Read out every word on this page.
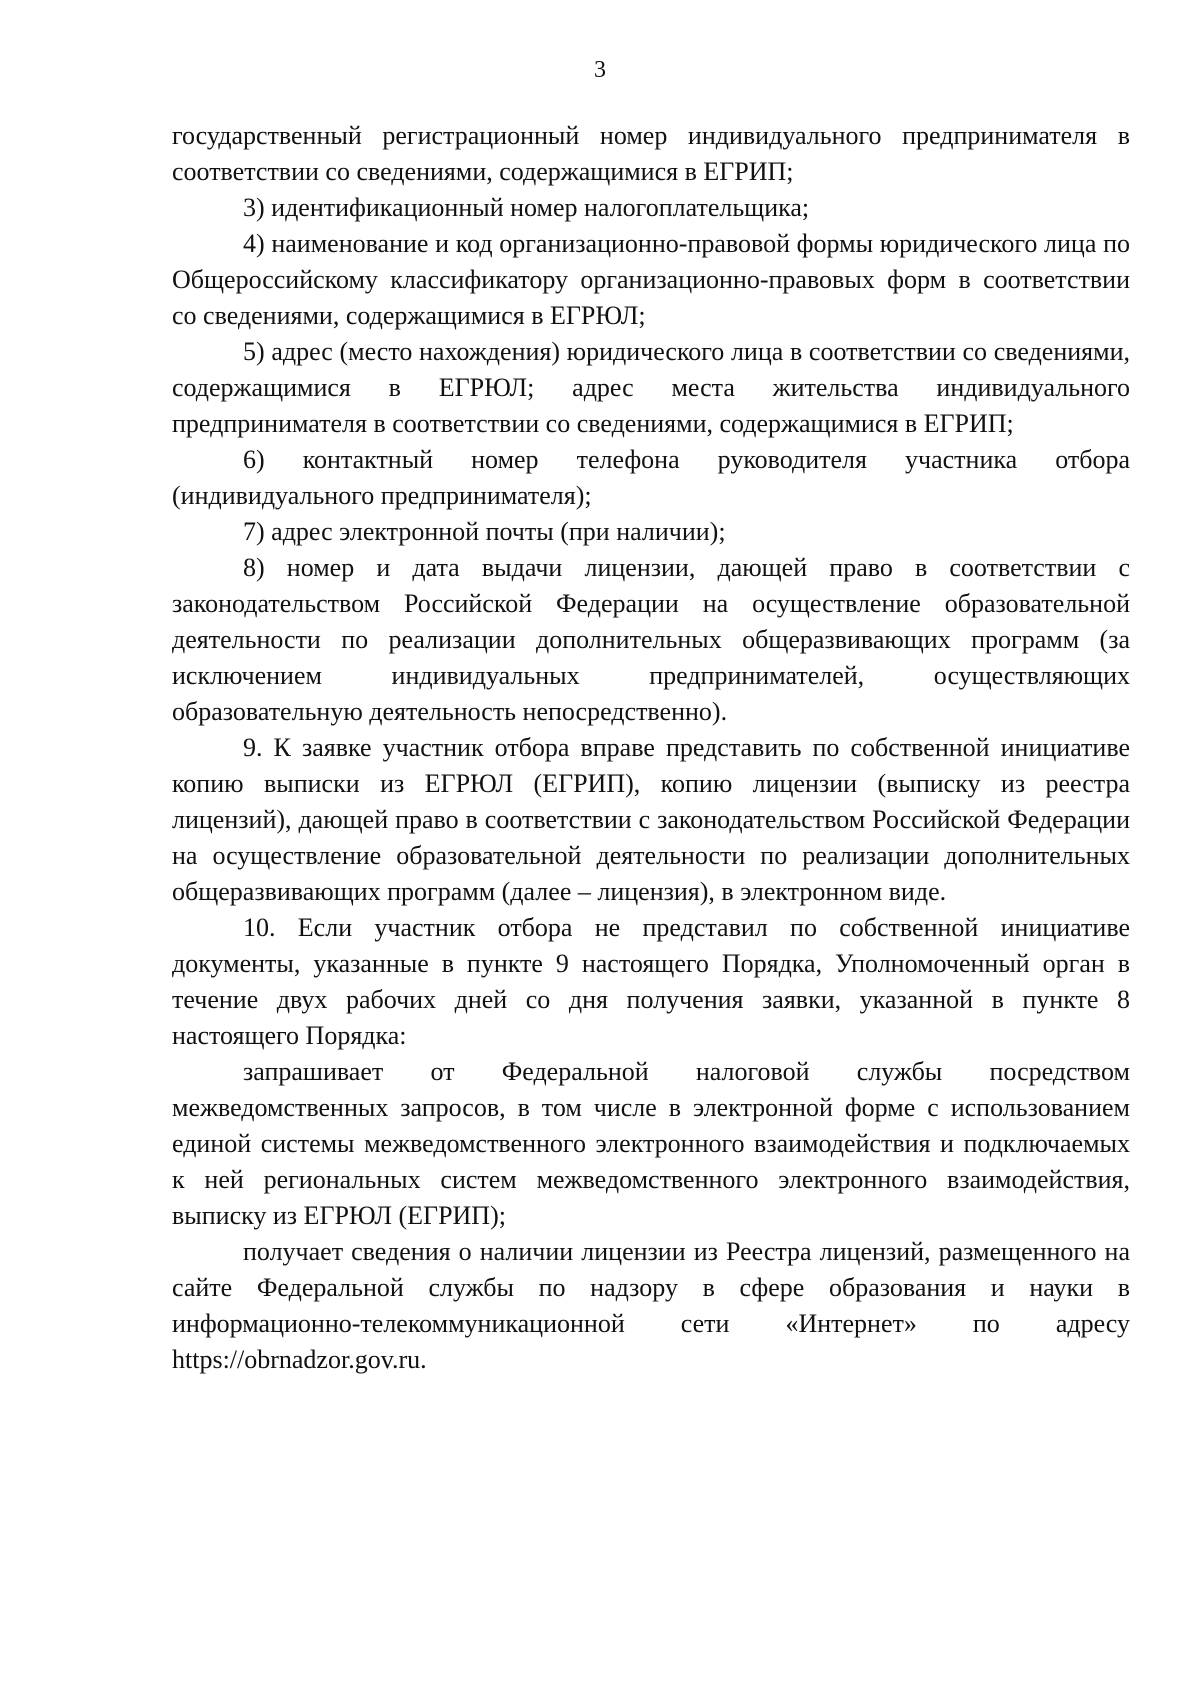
3

государственный регистрационный номер индивидуального предпринимателя в соответствии со сведениями, содержащимися в ЕГРИП;

3) идентификационный номер налогоплательщика;

4) наименование и код организационно-правовой формы юридического лица по Общероссийскому классификатору организационно-правовых форм в соответствии со сведениями, содержащимися в ЕГРЮЛ;

5) адрес (место нахождения) юридического лица в соответствии со сведениями, содержащимися в ЕГРЮЛ; адрес места жительства индивидуального предпринимателя в соответствии со сведениями, содержащимися в ЕГРИП;

6) контактный номер телефона руководителя участника отбора (индивидуального предпринимателя);

7) адрес электронной почты (при наличии);

8) номер и дата выдачи лицензии, дающей право в соответствии с законодательством Российской Федерации на осуществление образовательной деятельности по реализации дополнительных общеразвивающих программ (за исключением индивидуальных предпринимателей, осуществляющих образовательную деятельность непосредственно).

9. К заявке участник отбора вправе представить по собственной инициативе копию выписки из ЕГРЮЛ (ЕГРИП), копию лицензии (выписку из реестра лицензий), дающей право в соответствии с законодательством Российской Федерации на осуществление образовательной деятельности по реализации дополнительных общеразвивающих программ (далее – лицензия), в электронном виде.

10. Если участник отбора не представил по собственной инициативе документы, указанные в пункте 9 настоящего Порядка, Уполномоченный орган в течение двух рабочих дней со дня получения заявки, указанной в пункте 8 настоящего Порядка:

запрашивает от Федеральной налоговой службы посредством межведомственных запросов, в том числе в электронной форме с использованием единой системы межведомственного электронного взаимодействия и подключаемых к ней региональных систем межведомственного электронного взаимодействия, выписку из ЕГРЮЛ (ЕГРИП);

получает сведения о наличии лицензии из Реестра лицензий, размещенного на сайте Федеральной службы по надзору в сфере образования и науки в информационно-телекоммуникационной сети «Интернет» по адресу https://obrnadzor.gov.ru.
